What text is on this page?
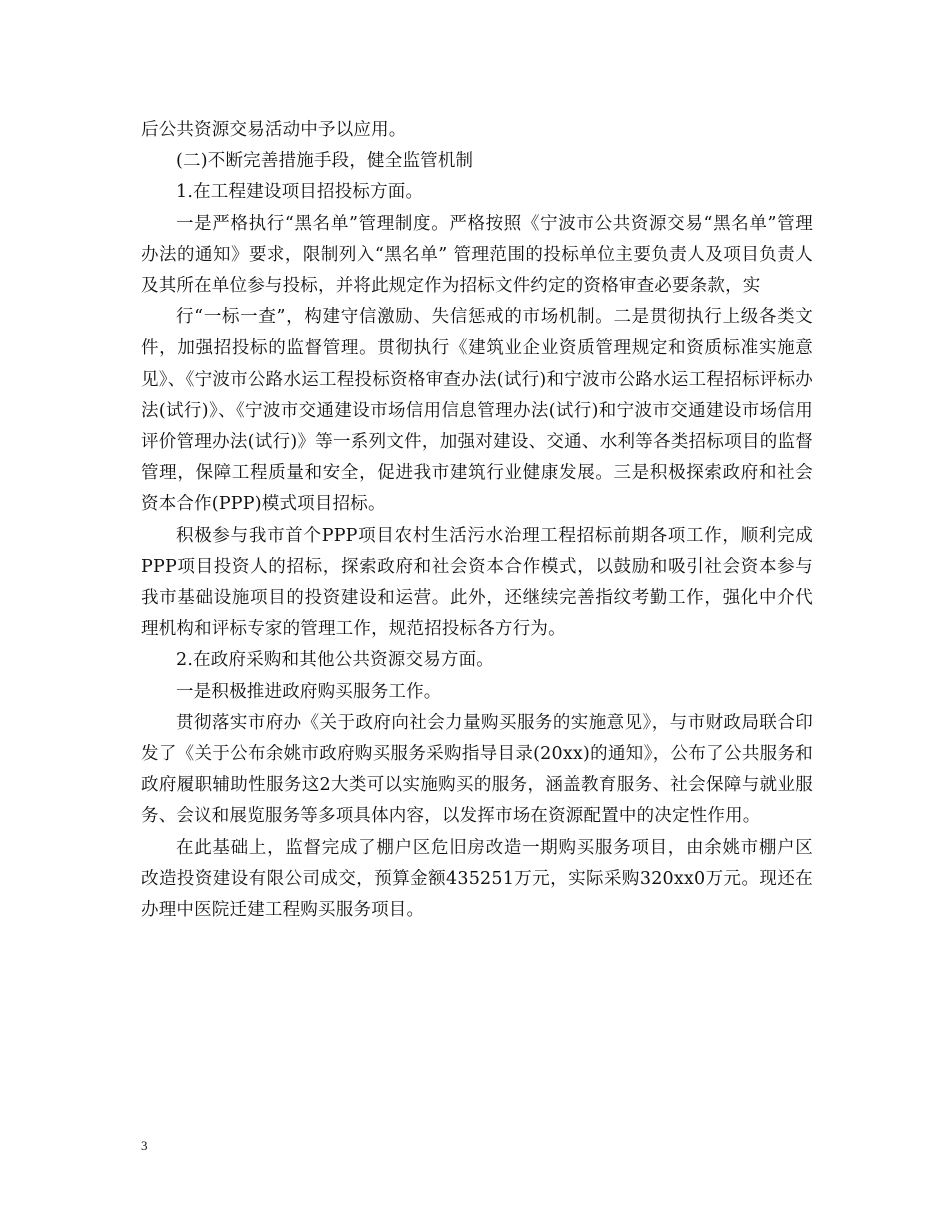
后公共资源交易活动中予以应用。

(二)不断完善措施手段，健全监管机制

1.在工程建设项目招投标方面。

一是严格执行“黑名单”管理制度。严格按照《宁波市公共资源交易“黑名单”管理办法的通知》要求，限制列入“黑名单” 管理范围的投标单位主要负责人及项目负责人及其所在单位参与投标，并将此规定作为招标文件约定的资格审查必要条款，实

行“一标一查”，构建守信激励、失信惩戒的市场机制。二是贯彻执行上级各类文件，加强招投标的监督管理。贯彻执行《建筑业企业资质管理规定和资质标准实施意见》、《宁波市公路水运工程投标资格审查办法(试行)和宁波市公路水运工程招标评标办法(试行)》、《宁波市交通建设市场信用信息管理办法(试行)和宁波市交通建设市场信用评价管理办法(试行)》等一系列文件，加强对建设、交通、水利等各类招标项目的监督管理，保障工程质量和安全，促进我市建筑行业健康发展。三是积极探索政府和社会资本合作(PPP)模式项目招标。

积极参与我市首个PPP项目农村生活污水治理工程招标前期各项工作，顺利完成PPP项目投资人的招标，探索政府和社会资本合作模式，以鼓励和吸引社会资本参与我市基础设施项目的投资建设和运营。此外，还继续完善指纹考勤工作，强化中介代理机构和评标专家的管理工作，规范招投标各方行为。

2.在政府采购和其他公共资源交易方面。

一是积极推进政府购买服务工作。

贯彻落实市府办《关于政府向社会力量购买服务的实施意见》，与市财政局联合印发了《关于公布余姚市政府购买服务采购指导目录(20xx)的通知》，公布了公共服务和政府履职辅助性服务这2大类可以实施购买的服务，涵盖教育服务、社会保障与就业服务、会议和展览服务等多项具体内容，以发挥市场在资源配置中的决定性作用。

在此基础上，监督完成了棚户区危旧房改造一期购买服务项目，由余姚市棚户区改造投资建设有限公司成交，预算金额435251万元，实际采购320xx0万元。现还在办理中医院迁建工程购买服务项目。

3
